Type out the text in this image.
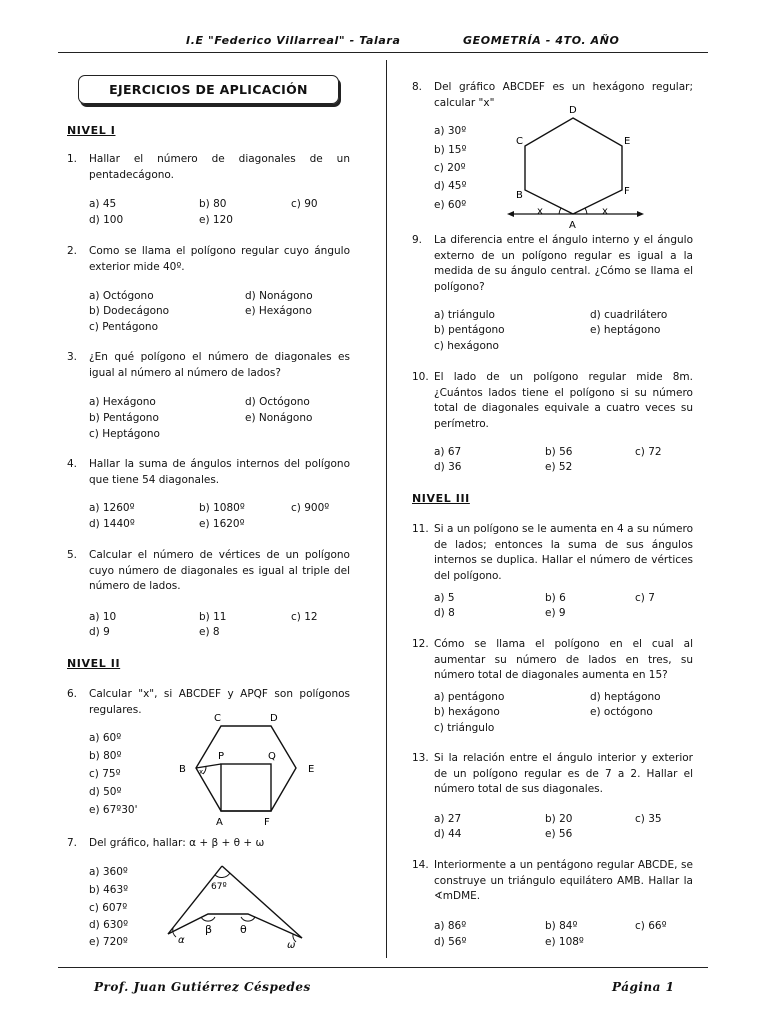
I.E "Federico Villarreal" - Talara	GEOMETRÍA - 4TO. AÑO
EJERCICIOS DE APLICACIÓN
NIVEL I
NIVEL II
NIVEL III
1. Hallar el número de diagonales de un pentadecágono.
a) 45	b) 80	c) 90
d) 100	e) 120
2. Como se llama el polígono regular cuyo ángulo exterior mide 40º.
a) Octógono	d) Nonágono
b) Dodecágono	e) Hexágono
c) Pentágono
3. ¿En qué polígono el número de diagonales es igual al número al número de lados?
a) Hexágono	d) Octógono
b) Pentágono	e) Nonágono
c) Heptágono
4. Hallar la suma de ángulos internos del polígono que tiene 54 diagonales.
a) 1260º	b) 1080º	c) 900º
d) 1440º	e) 1620º
5. Calcular el número de vértices de un polígono cuyo número de diagonales es igual al triple del número de lados.
a) 10	b) 11	c) 12
d) 9	e) 8
6. Calcular "x", si ABCDEF y APQF son polígonos regulares.
a) 60º
b) 80º
c) 75º
d) 50º
e) 67º30'
x
C	D
P	Q
B	E
A	F
7. Del gráfico, hallar: α + β + θ + ω
a) 360º
b) 463º
c) 607º
d) 630º
e) 720º
67º
α
β	θ
ω
8. Del gráfico ABCDEF es un hexágono regular; calcular "x"
a) 30º
b) 15º
c) 20º
d) 45º
e) 60º
x	x
D
C	E
B	F
A
9. La diferencia entre el ángulo interno y el ángulo externo de un polígono regular es igual a la medida de su ángulo central. ¿Cómo se llama el polígono?
a) triángulo	d) cuadrilátero
b) pentágono	e) heptágono
c) hexágono
10. El lado de un polígono regular mide 8m. ¿Cuántos lados tiene el polígono si su número total de diagonales equivale a cuatro veces su perímetro.
a) 67	b) 56	c) 72
d) 36	e) 52
11. Si a un polígono se le aumenta en 4 a su número de lados; entonces la suma de sus ángulos internos se duplica. Hallar el número de vértices del polígono.
a) 5	b) 6	c) 7
d) 8	e) 9
12. Cómo se llama el polígono en el cual al aumentar su número de lados en tres, su número total de diagonales aumenta en 15?
a) pentágono	d) heptágono
b) hexágono	e) octógono
c) triángulo
13. Si la relación entre el ángulo interior y exterior de un polígono regular es de 7 a 2. Hallar el número total de sus diagonales.
a) 27	b) 20	c) 35
d) 44	e) 56
14. Interiormente a un pentágono regular ABCDE, se construye un triángulo equilátero AMB. Hallar la ∢mDME.
a) 86º	b) 84º	c) 66º
d) 56º	e) 108º
Prof. Juan Gutiérrez Céspedes	Página 1
